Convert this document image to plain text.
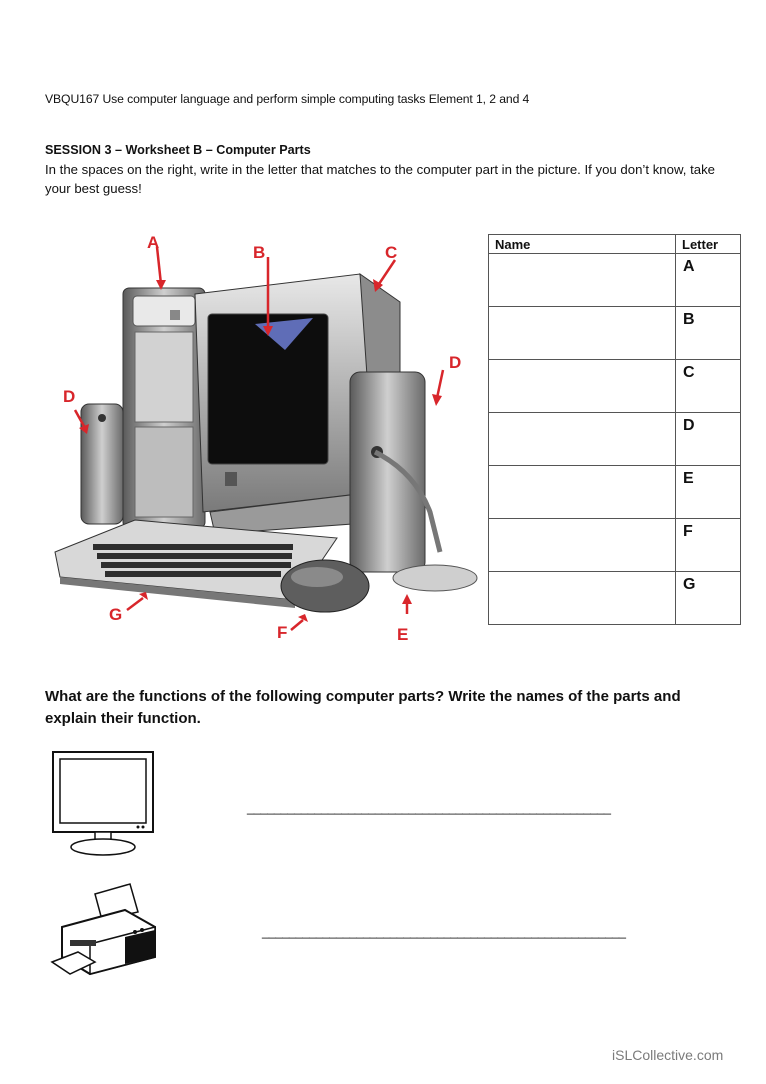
VBQU167 Use computer language and perform simple computing tasks Element 1, 2 and 4
SESSION 3 – Worksheet B – Computer Parts
In the spaces on the right, write in the letter that matches to the computer part in the picture. If you don’t know, take your best guess!
A
B	C
D
D
E
F
G
Name	Letter
	A
	B
	C
	D
	E
	F
	G
What are the functions of the following computer parts? Write the names of the parts and explain their function.
______________________________________________________
______________________________________________________
iSLCollective.com
